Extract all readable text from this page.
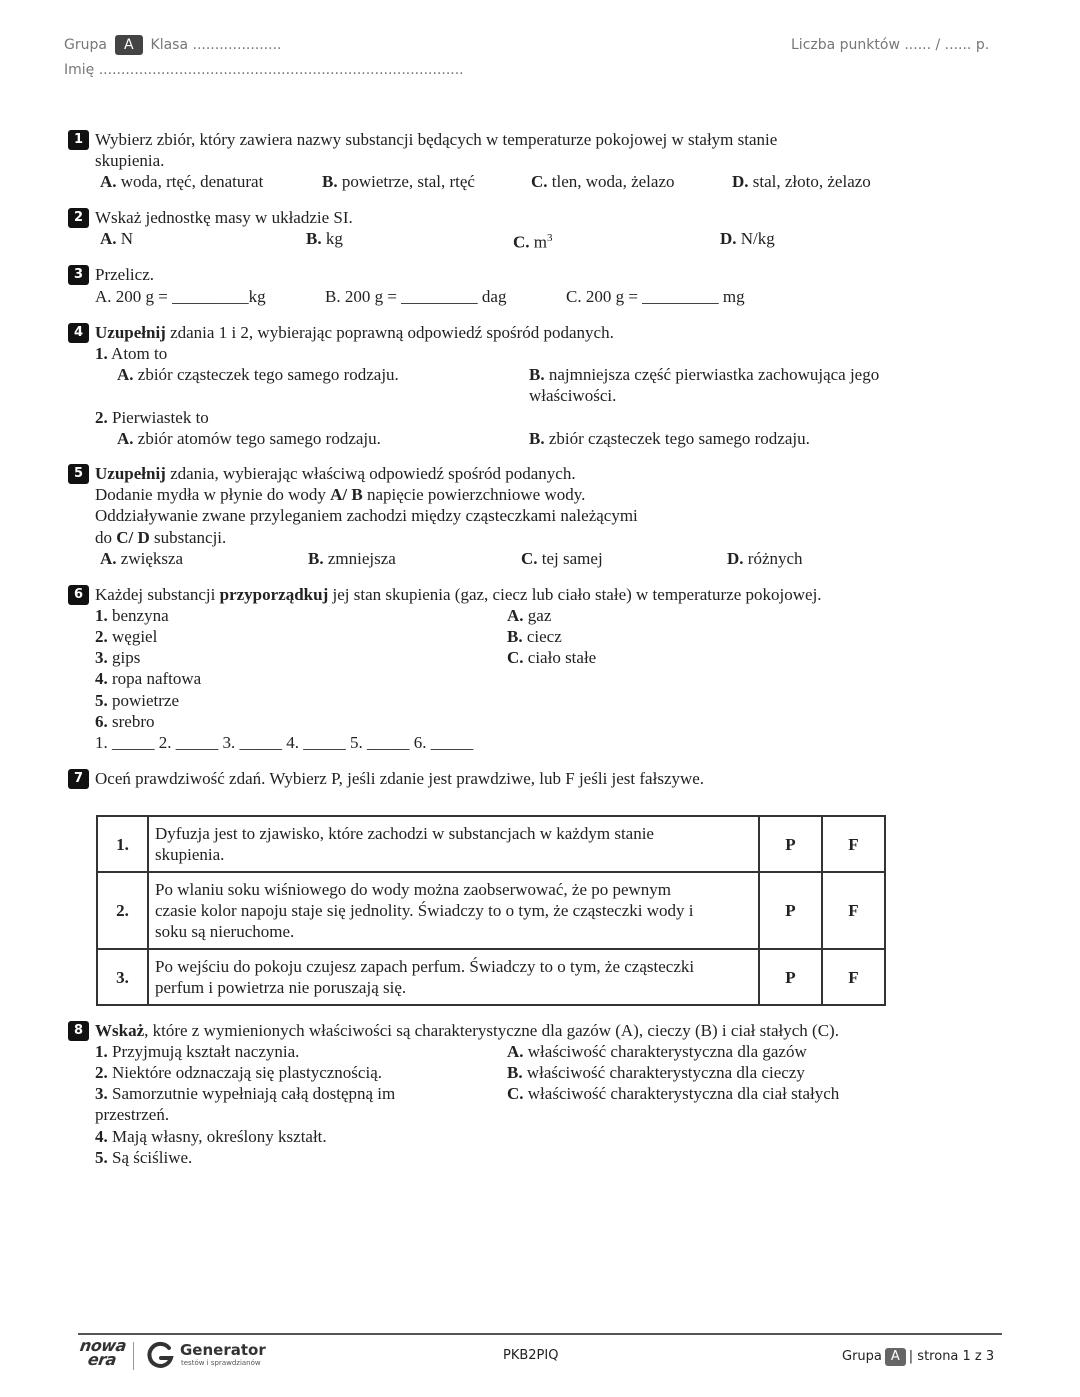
Grupa A Klasa ....................	Liczba punktów ...... / ...... p.
Imię ..................................................................................
1 Wybierz zbiór, który zawiera nazwy substancji będących w temperaturze pokojowej w stałym stanie
skupienia.
A. woda, rtęć, denaturat	B. powietrze, stal, rtęć	C. tlen, woda, żelazo	D. stal, złoto, żelazo
2 Wskaż jednostkę masy w układzie SI.
A. N	B. kg	C. $m^3$	D. N/kg
3 Przelicz.
A. 200 g = _________kg	B. 200 g = _________ dag	C. 200 g = _________ mg
4 Uzupełnij zdania 1 i 2, wybierając poprawną odpowiedź spośród podanych.
1. Atom to
A. zbiór cząsteczek tego samego rodzaju.	B. najmniejsza część pierwiastka zachowująca jego
właściwości.
2. Pierwiastek to
A. zbiór atomów tego samego rodzaju.	B. zbiór cząsteczek tego samego rodzaju.
5 Uzupełnij zdania, wybierając właściwą odpowiedź spośród podanych.
Dodanie mydła w płynie do wody A/ B napięcie powierzchniowe wody.
Oddziaływanie zwane przyleganiem zachodzi między cząsteczkami należącymi
do C/ D substancji.
A. zwiększa	B. zmniejsza	C. tej samej	D. różnych
6 Każdej substancji przyporządkuj jej stan skupienia (gaz, ciecz lub ciało stałe) w temperaturze pokojowej.
1. benzyna
2. węgiel
3. gips
4. ropa naftowa
5. powietrze
6. srebro
A. gaz
B. ciecz
C. ciało stałe
1. _____ 2. _____ 3. _____ 4. _____ 5. _____ 6. _____
7 Oceń prawdziwość zdań. Wybierz P, jeśli zdanie jest prawdziwe, lub F jeśli jest fałszywe.
1.	Dyfuzja jest to zjawisko, które zachodzi w substancjach w każdym stanie
skupienia.	P	F
2.	Po wlaniu soku wiśniowego do wody można zaobserwować, że po pewnym
czasie kolor napoju staje się jednolity. Świadczy to o tym, że cząsteczki wody i
soku są nieruchome.	P	F
3.	Po wejściu do pokoju czujesz zapach perfum. Świadczy to o tym, że cząsteczki
perfum i powietrza nie poruszają się.	P	F
8 Wskaż, które z wymienionych właściwości są charakterystyczne dla gazów (A), cieczy (B) i ciał stałych (C).
1. Przyjmują kształt naczynia.
2. Niektóre odznaczają się plastycznością.
3. Samorzutnie wypełniają całą dostępną im
przestrzeń.
4. Mają własny, określony kształt.
5. Są ściśliwe.
A. właściwość charakterystyczna dla gazów
B. właściwość charakterystyczna dla cieczy
C. właściwość charakterystyczna dla ciał stałych
nowa
era	Generator
testów i sprawdzianów	PKB2PIQ	Grupa A | strona 1 z 3
